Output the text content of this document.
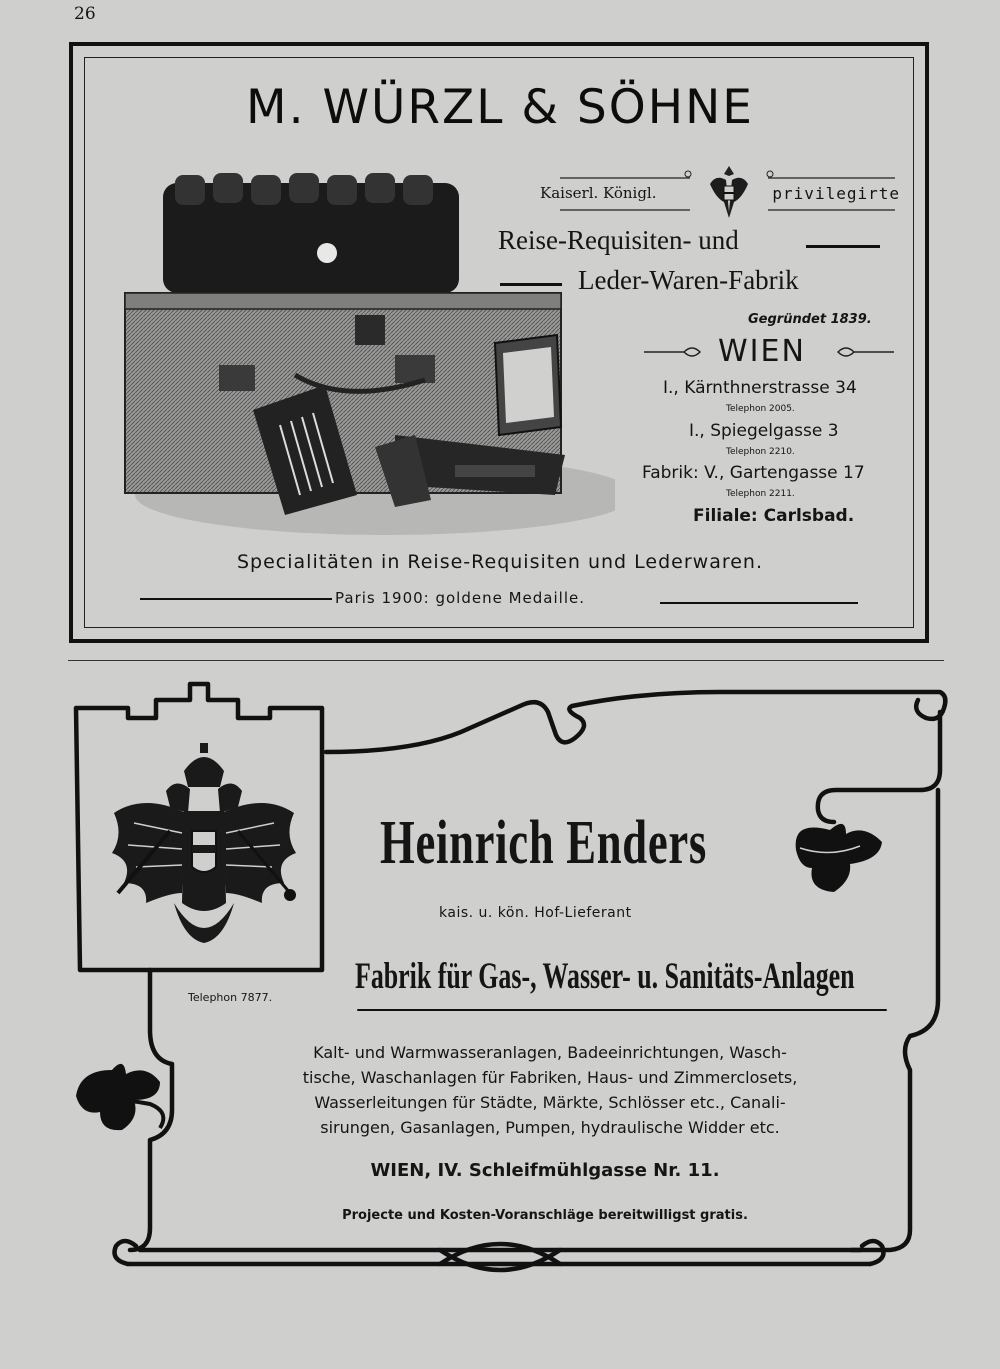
26
M. WÜRZL & SÖHNE
Kaiserl. Königl.	privilegirte
Reise-Requisiten- und
Leder-Waren-Fabrik
Gegründet 1839.
WIEN
I., Kärnthnerstrasse 34
Telephon 2005.
I., Spiegelgasse 3
Telephon 2210.
Fabrik: V., Gartengasse 17
Telephon 2211.
Filiale: Carlsbad.
Specialitäten in Reise-Requisiten und Lederwaren.
Paris 1900: goldene Medaille.
Telephon 7877.
Heinrich Enders
kais. u. kön. Hof-Lieferant
Fabrik für Gas-, Wasser- u. Sanitäts-Anlagen
Kalt- und Warmwasseranlagen, Badeeinrichtungen, Wasch-
tische, Waschanlagen für Fabriken, Haus- und Zimmerclosets,
Wasserleitungen für Städte, Märkte, Schlösser etc., Canali-
sirungen, Gasanlagen, Pumpen, hydraulische Widder etc.
WIEN, IV. Schleifmühlgasse Nr. 11.
Projecte und Kosten-Voranschläge bereitwilligst gratis.
